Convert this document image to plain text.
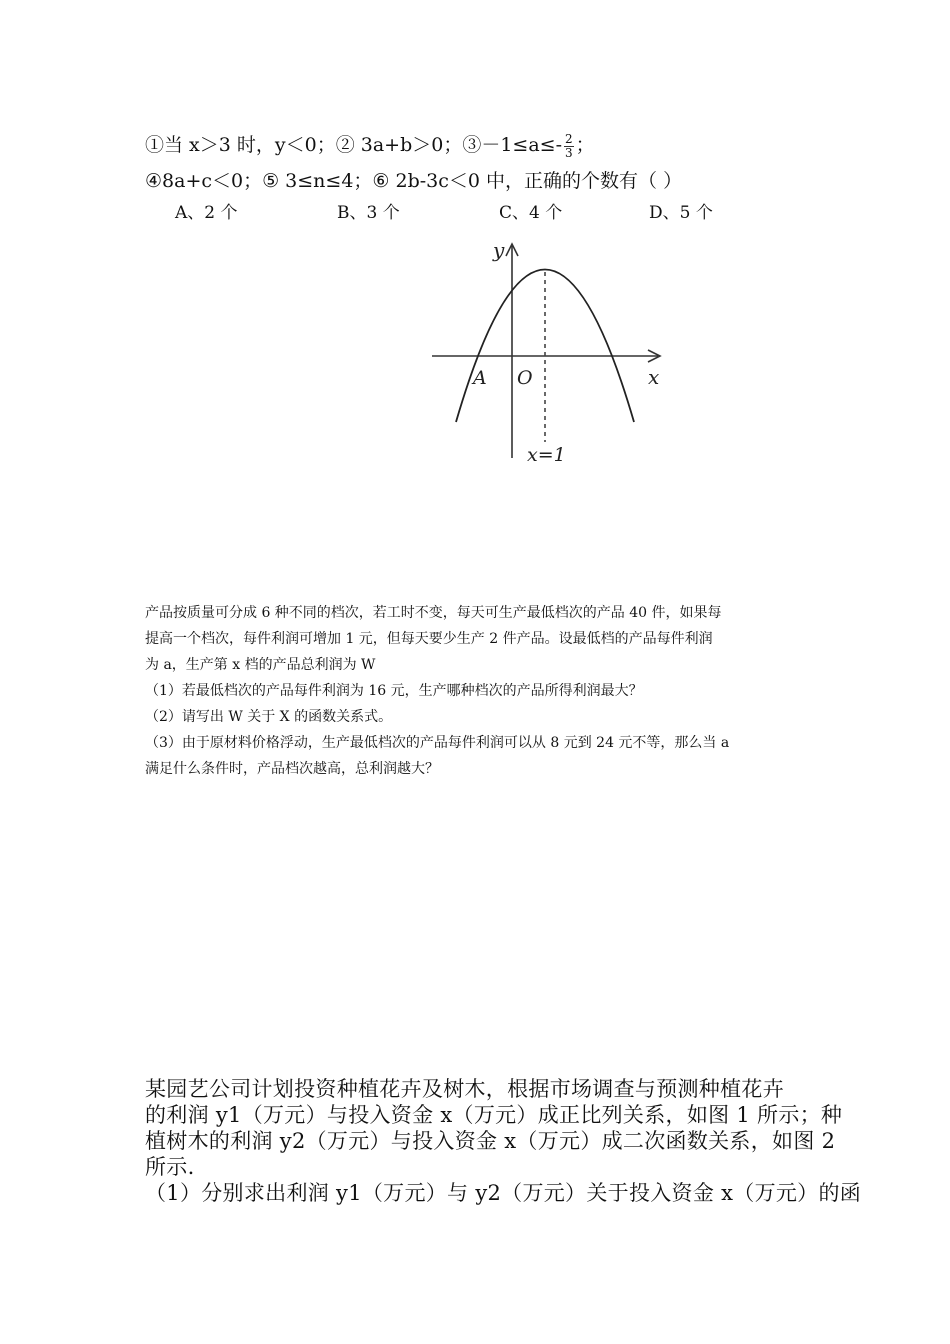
①当 x＞3 时，y＜0；② 3a+b＞0；③－1≤a≤- $\frac{2}{3}$ ；
④8a+c＜0；⑤ 3≤n≤4；⑥ 2b-3c＜0 中，正确的个数有（ ）
A、2 个	B、3 个	C、4 个	D、5 个
y
x
O
A
x=1
产品按质量可分成 6 种不同的档次，若工时不变，每天可生产最低档次的产品 40 件，如果每
提高一个档次，每件利润可增加 1 元，但每天要少生产 2 件产品。设最低档的产品每件利润
为 a，生产第 x 档的产品总利润为 W
（1）若最低档次的产品每件利润为 16 元，生产哪种档次的产品所得利润最大？
（2）请写出 W 关于 X 的函数关系式。
（3）由于原材料价格浮动，生产最低档次的产品每件利润可以从 8 元到 24 元不等，那么当 a
满足什么条件时，产品档次越高，总利润越大？
某园艺公司计划投资种植花卉及树木，根据市场调查与预测种植花卉
的利润 y1（万元）与投入资金 x（万元）成正比列关系，如图 1 所示；种
植树木的利润 y2（万元）与投入资金 x（万元）成二次函数关系，如图 2
所示.
（1）分别求出利润 y1（万元）与 y2（万元）关于投入资金 x（万元）的函
